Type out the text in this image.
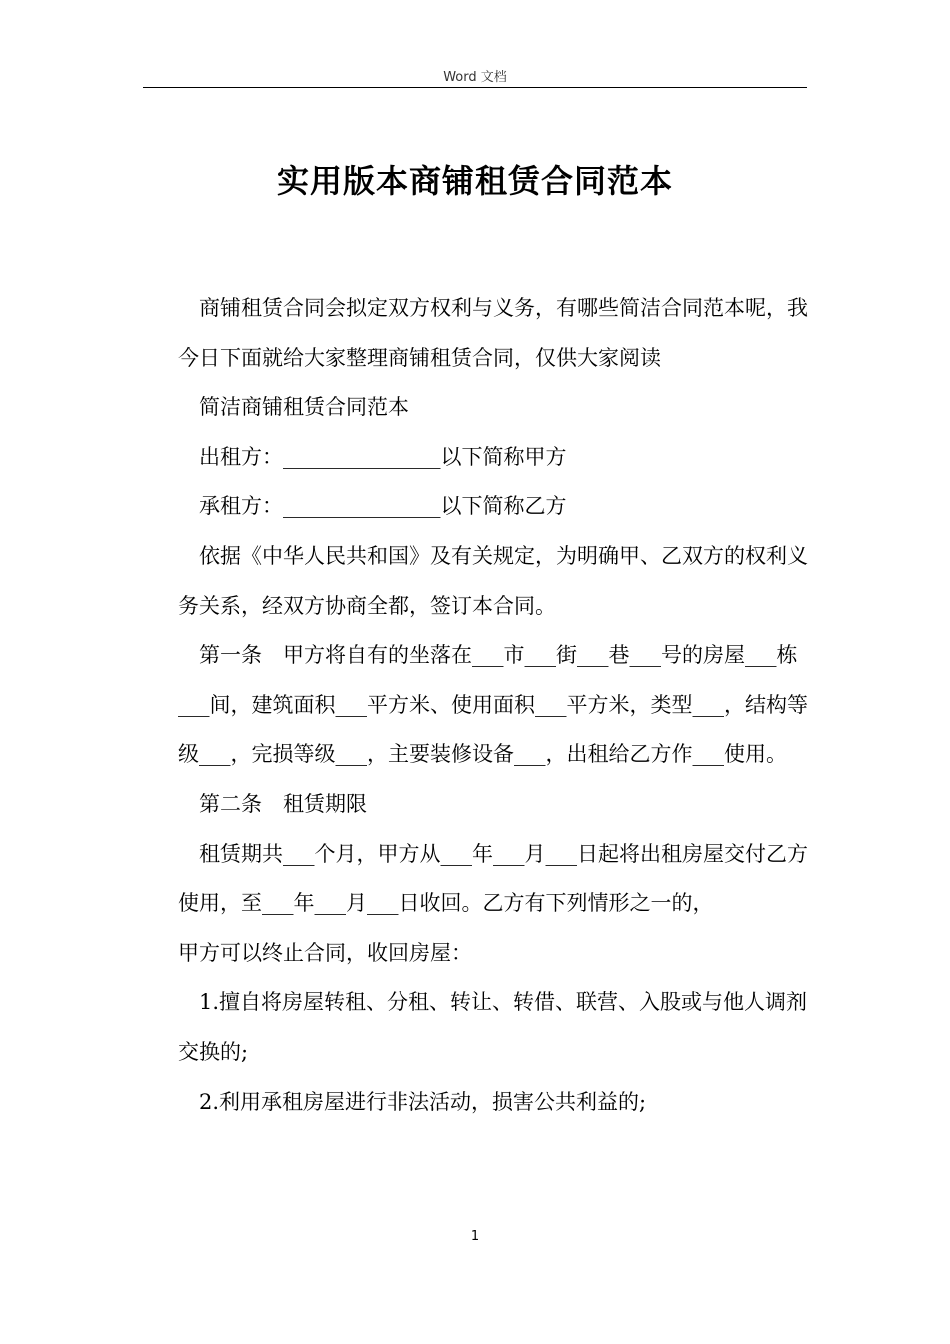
Word 文档
实用版本商铺租赁合同范本

商铺租赁合同会拟定双方权利与义务，有哪些简洁合同范本呢，我今日下面就给大家整理商铺租赁合同，仅供大家阅读

简洁商铺租赁合同范本

出租方：_______________以下简称甲方

承租方：_______________以下简称乙方

依据《中华人民共和国》及有关规定，为明确甲、乙双方的权利义务关系，经双方协商全都，签订本合同。

第一条　甲方将自有的坐落在___市___街___巷___号的房屋___栋___间，建筑面积___平方米、使用面积___平方米，类型___，结构等级___，完损等级___，主要装修设备___，出租给乙方作___使用。

第二条　租赁期限

租赁期共___个月，甲方从___年___月___日起将出租房屋交付乙方使用，至___年___月___日收回。乙方有下列情形之一的，

甲方可以终止合同，收回房屋：

1.擅自将房屋转租、分租、转让、转借、联营、入股或与他人调剂交换的;

2.利用承租房屋进行非法活动，损害公共利益的;

1
